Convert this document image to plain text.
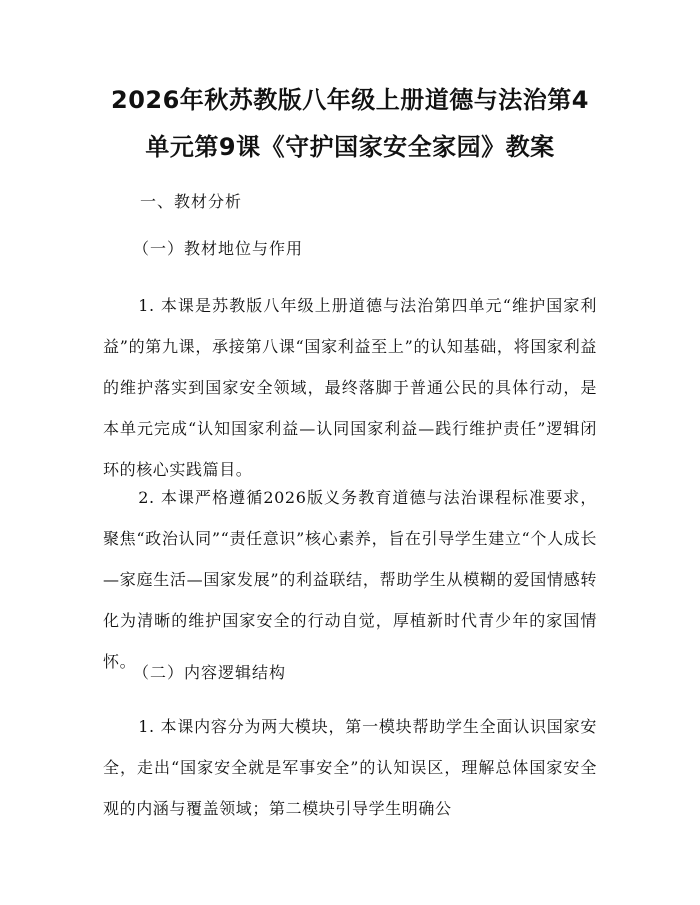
2026年秋苏教版八年级上册道德与法治第4
单元第9课《守护国家安全家园》教案
一、教材分析
（一）教材地位与作用
1. 本课是苏教版八年级上册道德与法治第四单元“维护国家利益”的第九课，承接第八课“国家利益至上”的认知基础，将国家利益的维护落实到国家安全领域，最终落脚于普通公民的具体行动，是本单元完成“认知国家利益—认同国家利益—践行维护责任”逻辑闭环的核心实践篇目。
2. 本课严格遵循2026版义务教育道德与法治课程标准要求，聚焦“政治认同”“责任意识”核心素养，旨在引导学生建立“个人成长—家庭生活—国家发展”的利益联结，帮助学生从模糊的爱国情感转化为清晰的维护国家安全的行动自觉，厚植新时代青少年的家国情怀。
（二）内容逻辑结构
1. 本课内容分为两大模块，第一模块帮助学生全面认识国家安全，走出“国家安全就是军事安全”的认知误区，理解总体国家安全观的内涵与覆盖领域；第二模块引导学生明确公
